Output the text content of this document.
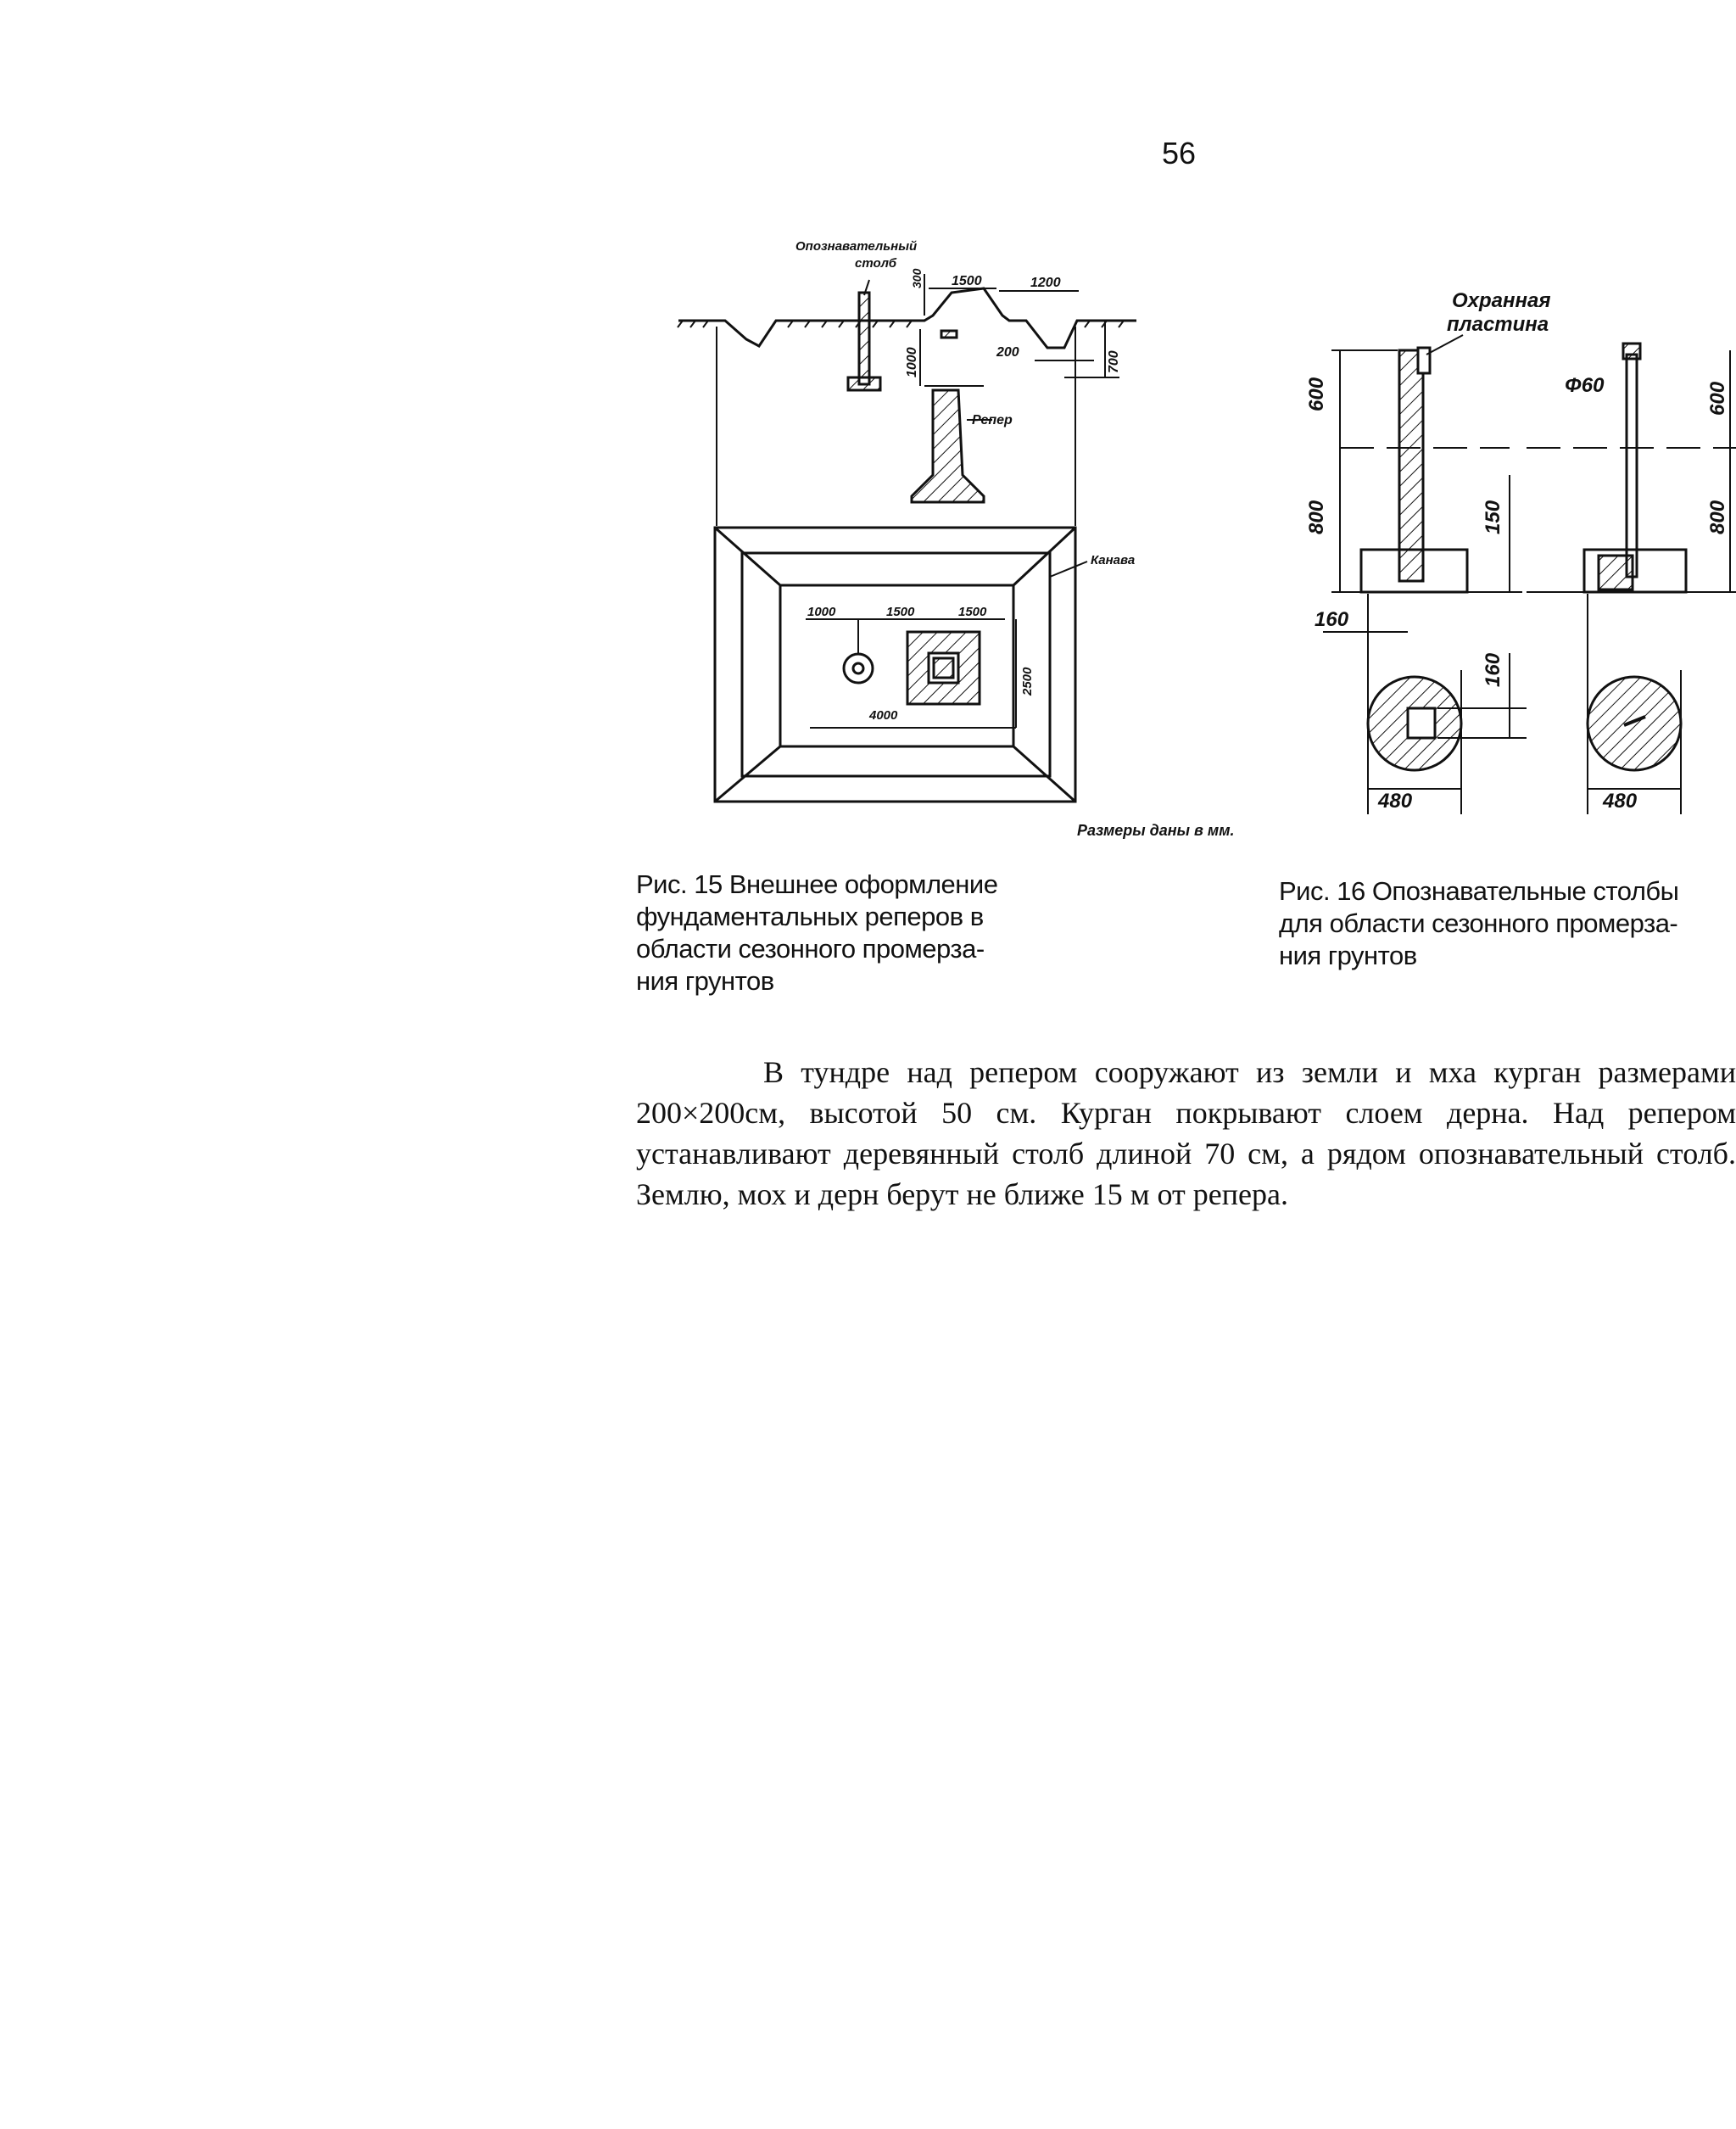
56
Опознавательный
столб
1500	1200
300
1000	200	700
Репер
1000	1500	1500
2500
4000
Канава
Размеры даны в мм.
Охранная
пластина
Φ60
600
800	150
160
160
480
600
800
480
Рис. 15 Внешнее оформление
фундаментальных реперов в
области сезонного промерза-
ния грунтов
Рис. 16 Опознавательные столбы
для области сезонного промерза-
ния грунтов

В тундре над репером сооружают из земли и мха курган размерами 200×200см, высотой 50 см. Курган покрывают слоем дерна. Над репером устанавливают деревянный столб длиной 70 см, а рядом опознавательный столб. Землю, мох и дерн берут не ближе 15 м от репера.
